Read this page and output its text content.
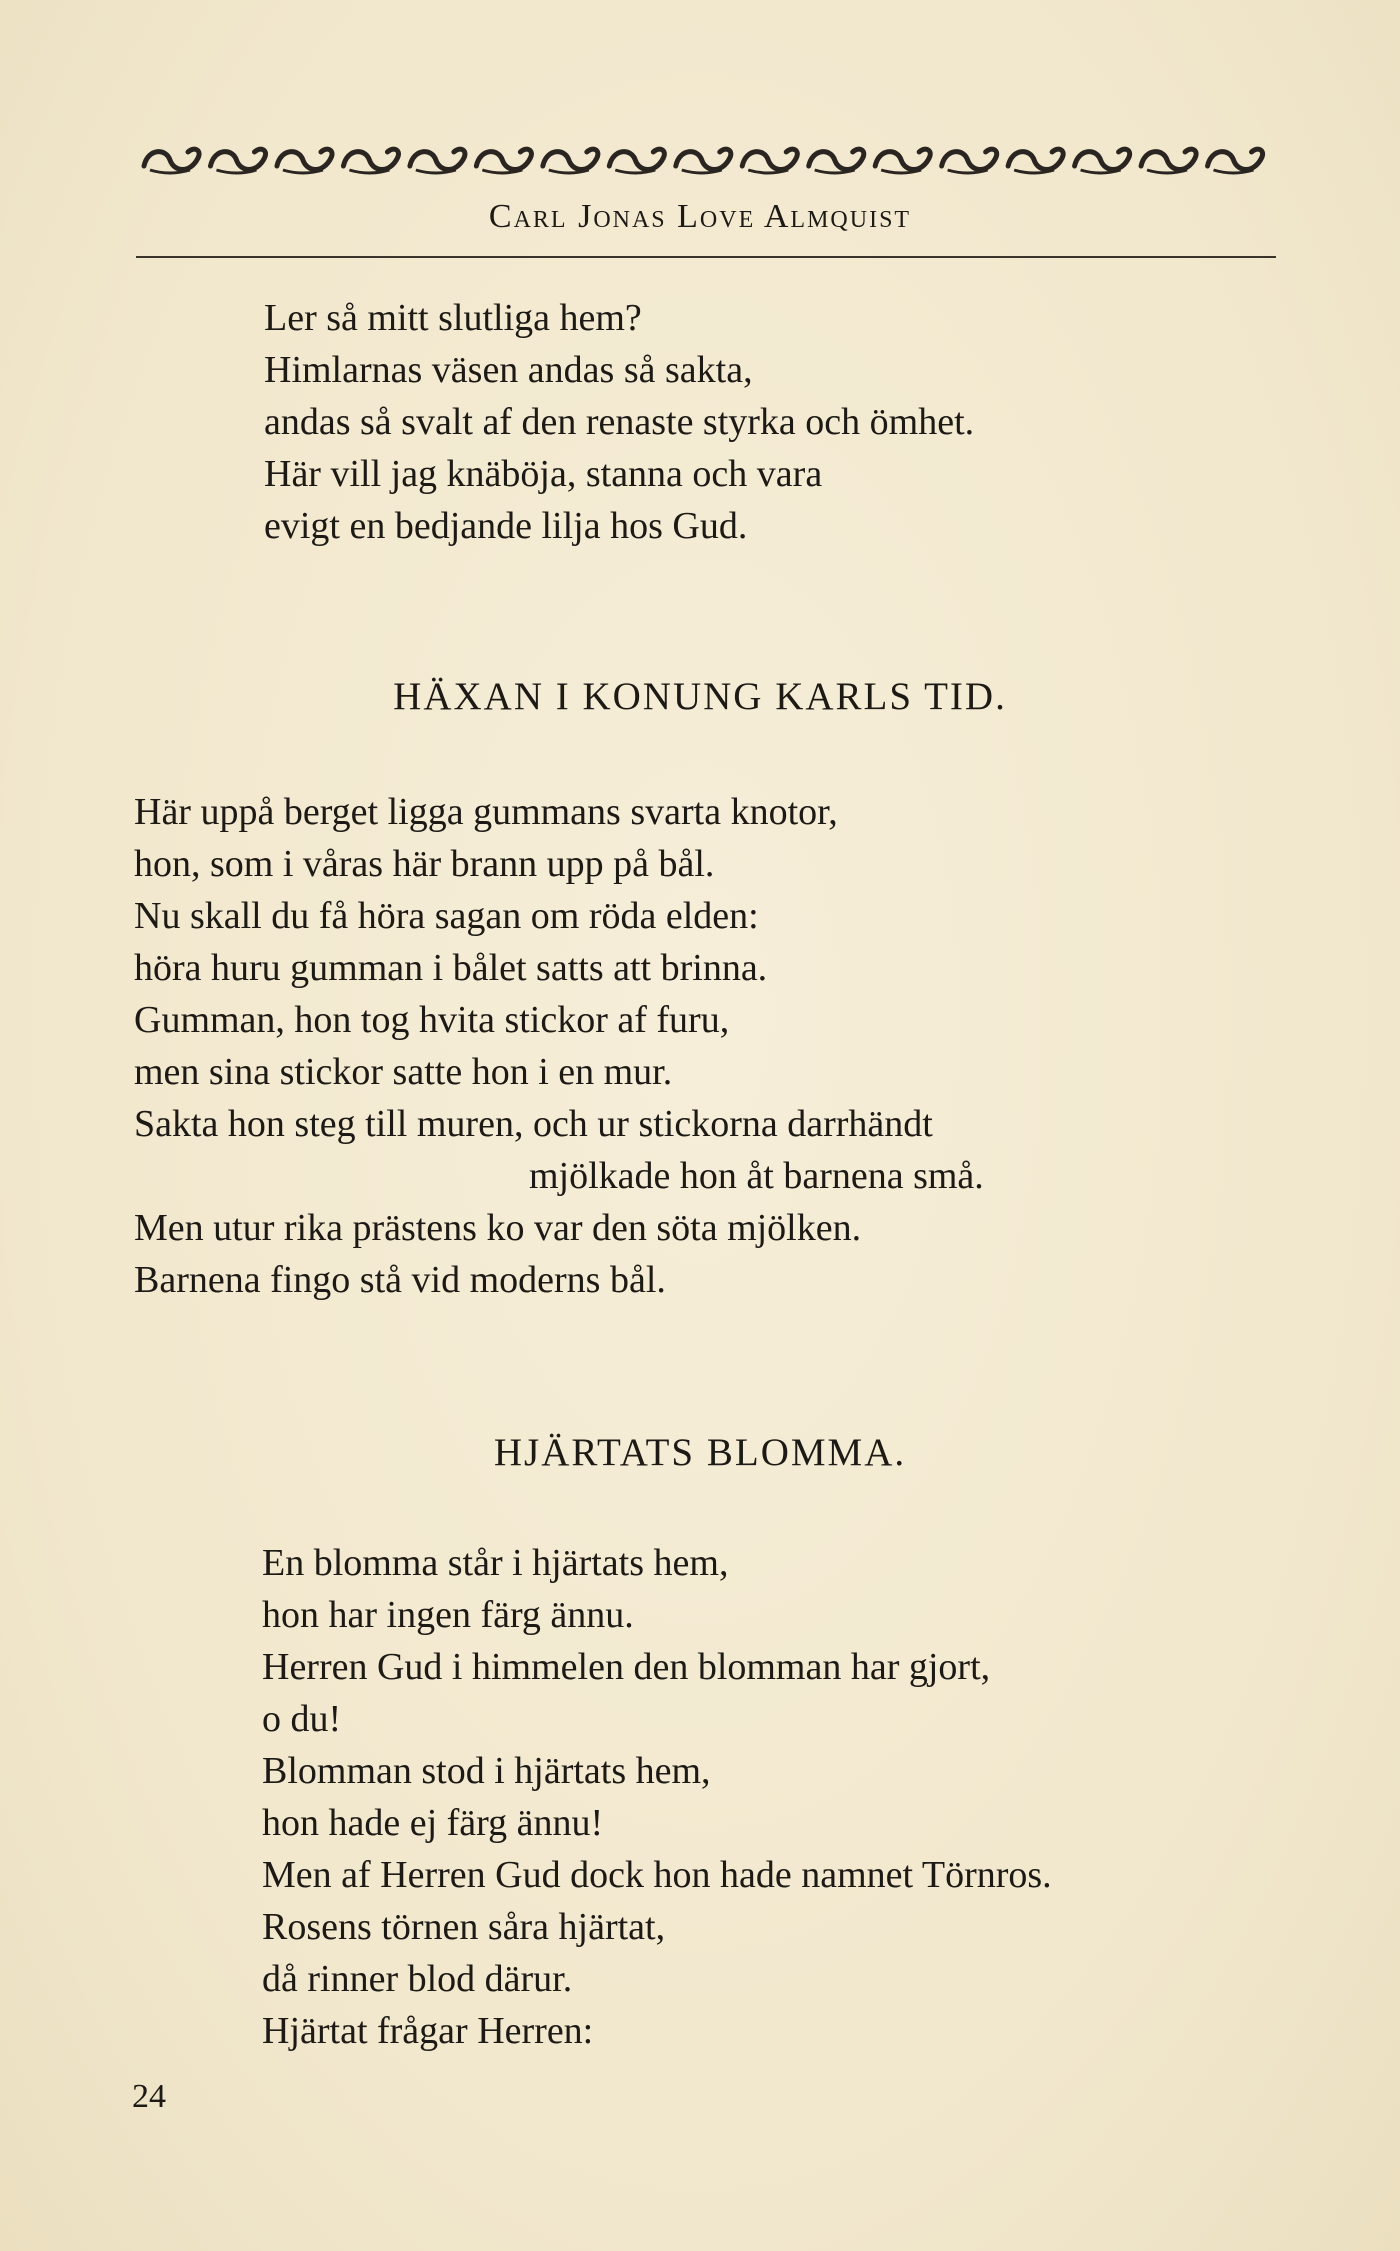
Carl Jonas Love Almquist
Ler så mitt slutliga hem?
Himlarnas väsen andas så sakta,
andas så svalt af den renaste styrka och ömhet.
Här vill jag knäböja, stanna och vara
evigt en bedjande lilja hos Gud.
HÄXAN I KONUNG KARLS TID.
Här uppå berget ligga gummans svarta knotor,
hon, som i våras här brann upp på bål.
Nu skall du få höra sagan om röda elden:
höra huru gumman i bålet satts att brinna.
Gumman, hon tog hvita stickor af furu,
men sina stickor satte hon i en mur.
Sakta hon steg till muren, och ur stickorna darrhändt
mjölkade hon åt barnena små.
Men utur rika prästens ko var den söta mjölken.
Barnena fingo stå vid moderns bål.
HJÄRTATS BLOMMA.
En blomma står i hjärtats hem,
hon har ingen färg ännu.
Herren Gud i himmelen den blomman har gjort,
o du!
Blomman stod i hjärtats hem,
hon hade ej färg ännu!
Men af Herren Gud dock hon hade namnet Törnros.
Rosens törnen såra hjärtat,
då rinner blod därur.
Hjärtat frågar Herren:
24
